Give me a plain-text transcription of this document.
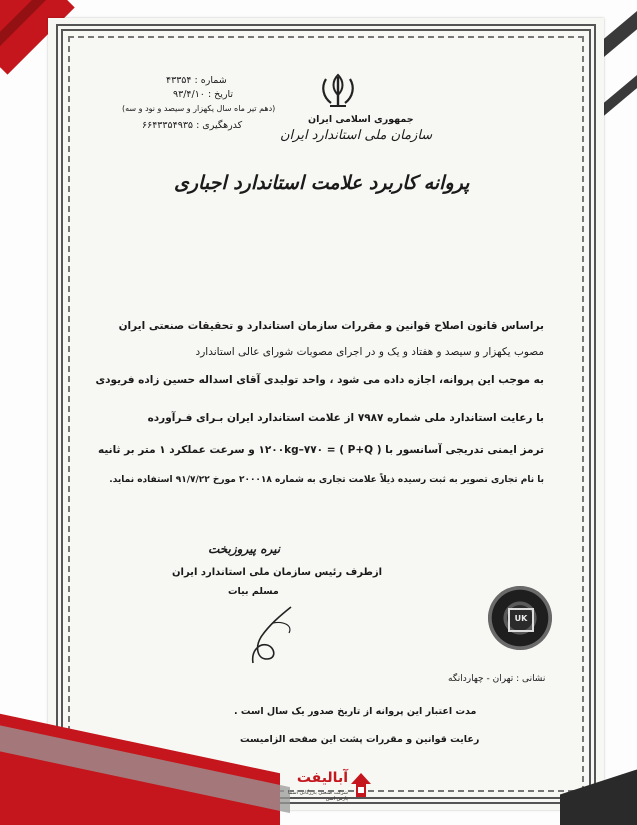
شماره : ۴۳۳۵۴
تاریخ : ۹۳/۴/۱۰
(دهم تیر ماه سال یکهزار و سیصد و نود و سه)
کدرهگیری : ۶۶۴۳۳۵۴۹۳۵
جمهوری اسلامی ایران
سازمان ملی استاندارد ایران
پروانه کاربرد علامت استاندارد اجباری
براساس قانون اصلاح قوانین و مقررات سازمان استاندارد و تحقیقات صنعتی ایران
مصوب یکهزار و سیصد و هفتاد و یک و در اجرای مصوبات شورای عالی استاندارد
به موجب این پروانه، اجازه داده می شود ، واحد تولیدی آقای اسداله حسین زاده فریودی
با رعایت استاندارد ملی شماره ۷۹۸۷ از علامت استاندارد ایران بـرای فـرآورده
ترمز ایمنی تدریجی آسانسور با ۱۲۰۰kg–۷۷۰ = ( P+Q ) و سرعت عملکرد ۱ متر بر ثانیه
با نام تجاری تصویر به ثبت رسیده ذیلاً علامت تجاری به شماره ۲۰۰۰۱۸ مورخ ۹۱/۷/۲۲ استفاده نماید.
نیره پیروزبخت
ازطرف رئیس سازمان ملی استاندارد ایران
مسلم بیات
UK
نشانی : تهران - چهاردانگه
مدت اعتبار این پروانه از تاریخ صدور یک سال است .
رعایت قوانین و مقررات پشت این صفحه الزامیست
آبالیفت
شرکت صنعتی بازرگانی اسما پارس اسن
